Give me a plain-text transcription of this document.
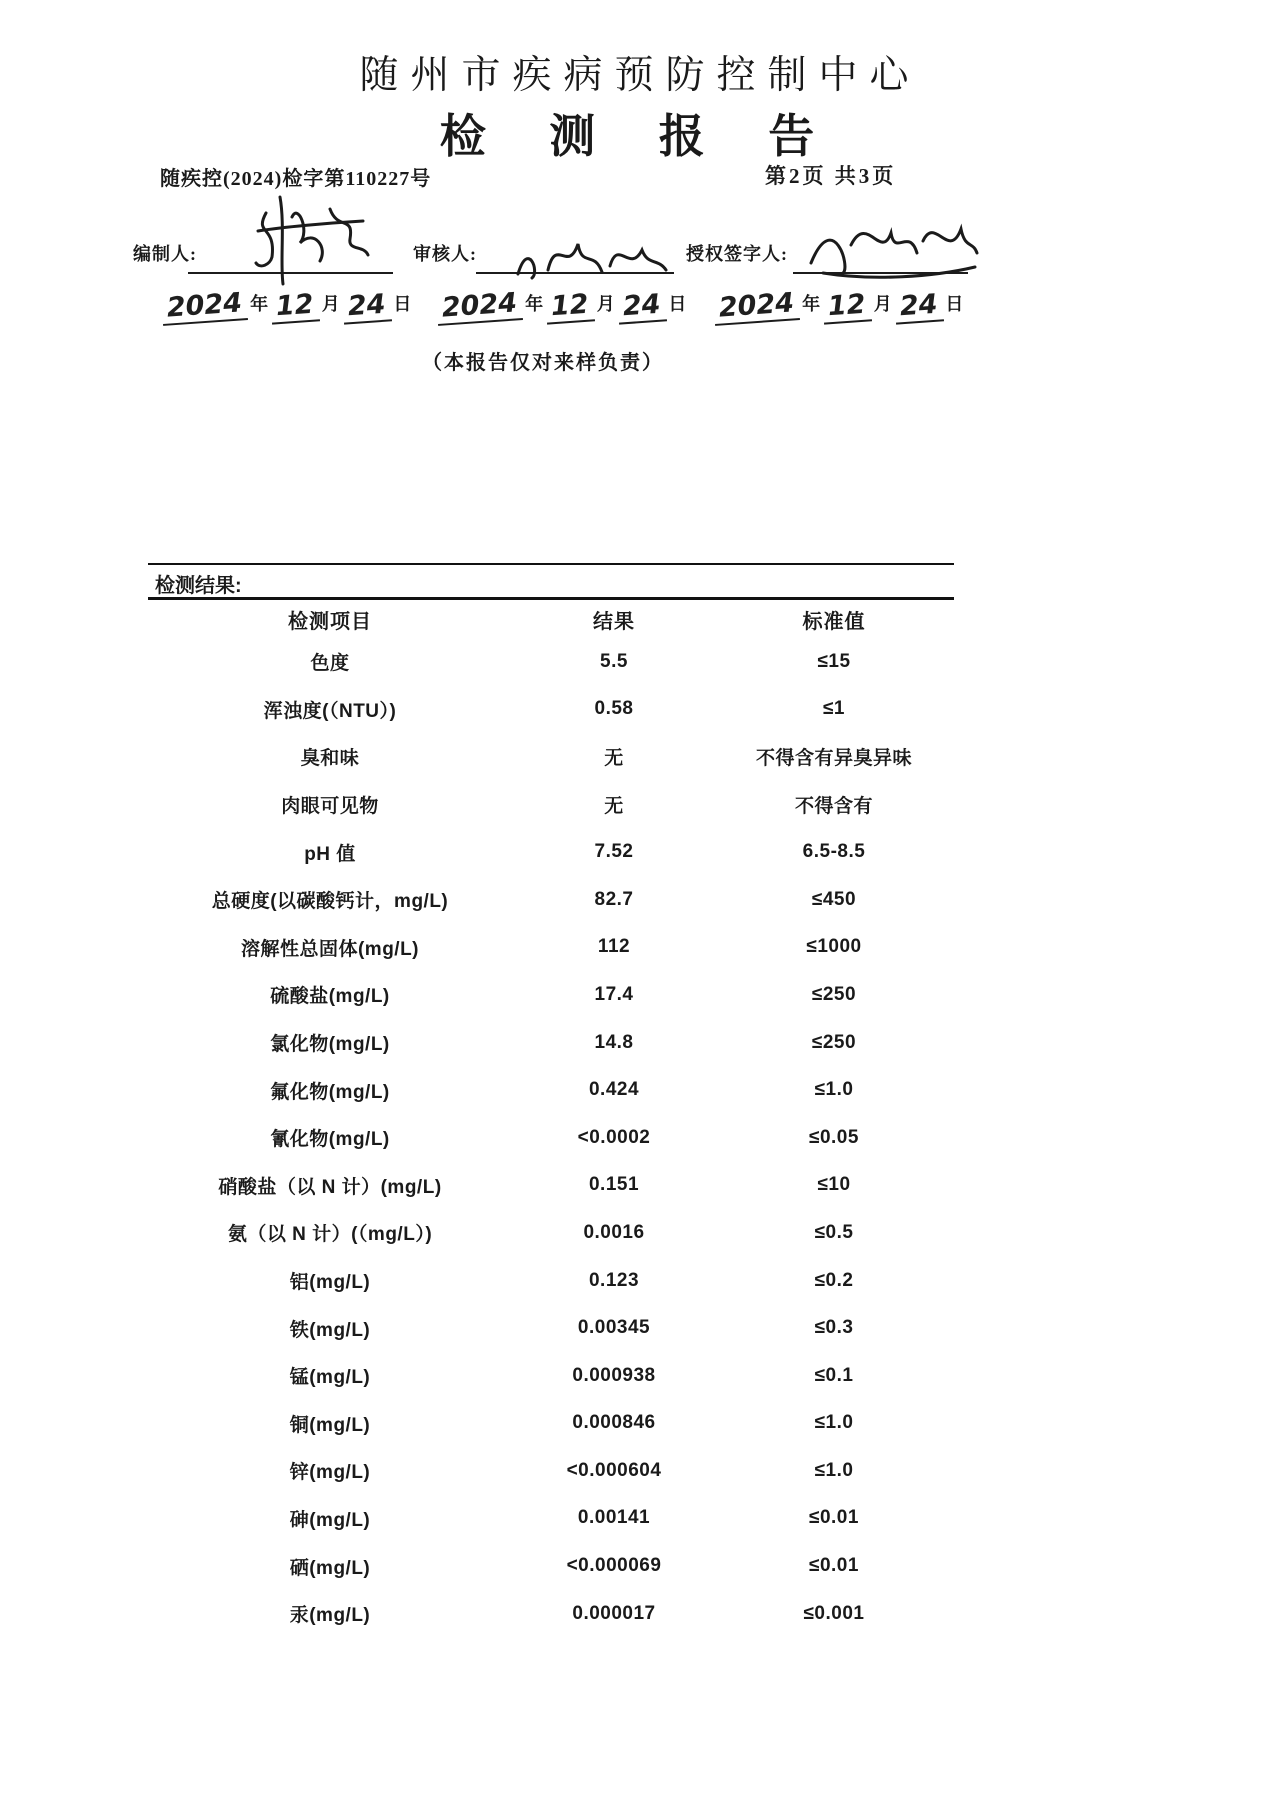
随州市疾病预防控制中心
检 测 报 告
随疾控(2024)检字第110227号	第2页 共3页
编制人:	审核人:	授权签字人:
2024 年 12 月 24 日 2024 年 12 月 24 日 2024 年 12 月 24 日
（本报告仅对来样负责）
检测结果:
检测项目	结果	标准值
色度	5.5	≤15
浑浊度(（NTU）)	0.58	≤1
臭和味	无	不得含有异臭异味
肉眼可见物	无	不得含有
pH 值	7.52	6.5-8.5
总硬度(以碳酸钙计，mg/L)	82.7	≤450
溶解性总固体(mg/L)	112	≤1000
硫酸盐(mg/L)	17.4	≤250
氯化物(mg/L)	14.8	≤250
氟化物(mg/L)	0.424	≤1.0
氰化物(mg/L)	<0.0002	≤0.05
硝酸盐（以 N 计）(mg/L)	0.151	≤10
氨（以 N 计）(（mg/L）)	0.0016	≤0.5
铝(mg/L)	0.123	≤0.2
铁(mg/L)	0.00345	≤0.3
锰(mg/L)	0.000938	≤0.1
铜(mg/L)	0.000846	≤1.0
锌(mg/L)	<0.000604	≤1.0
砷(mg/L)	0.00141	≤0.01
硒(mg/L)	<0.000069	≤0.01
汞(mg/L)	0.000017	≤0.001
